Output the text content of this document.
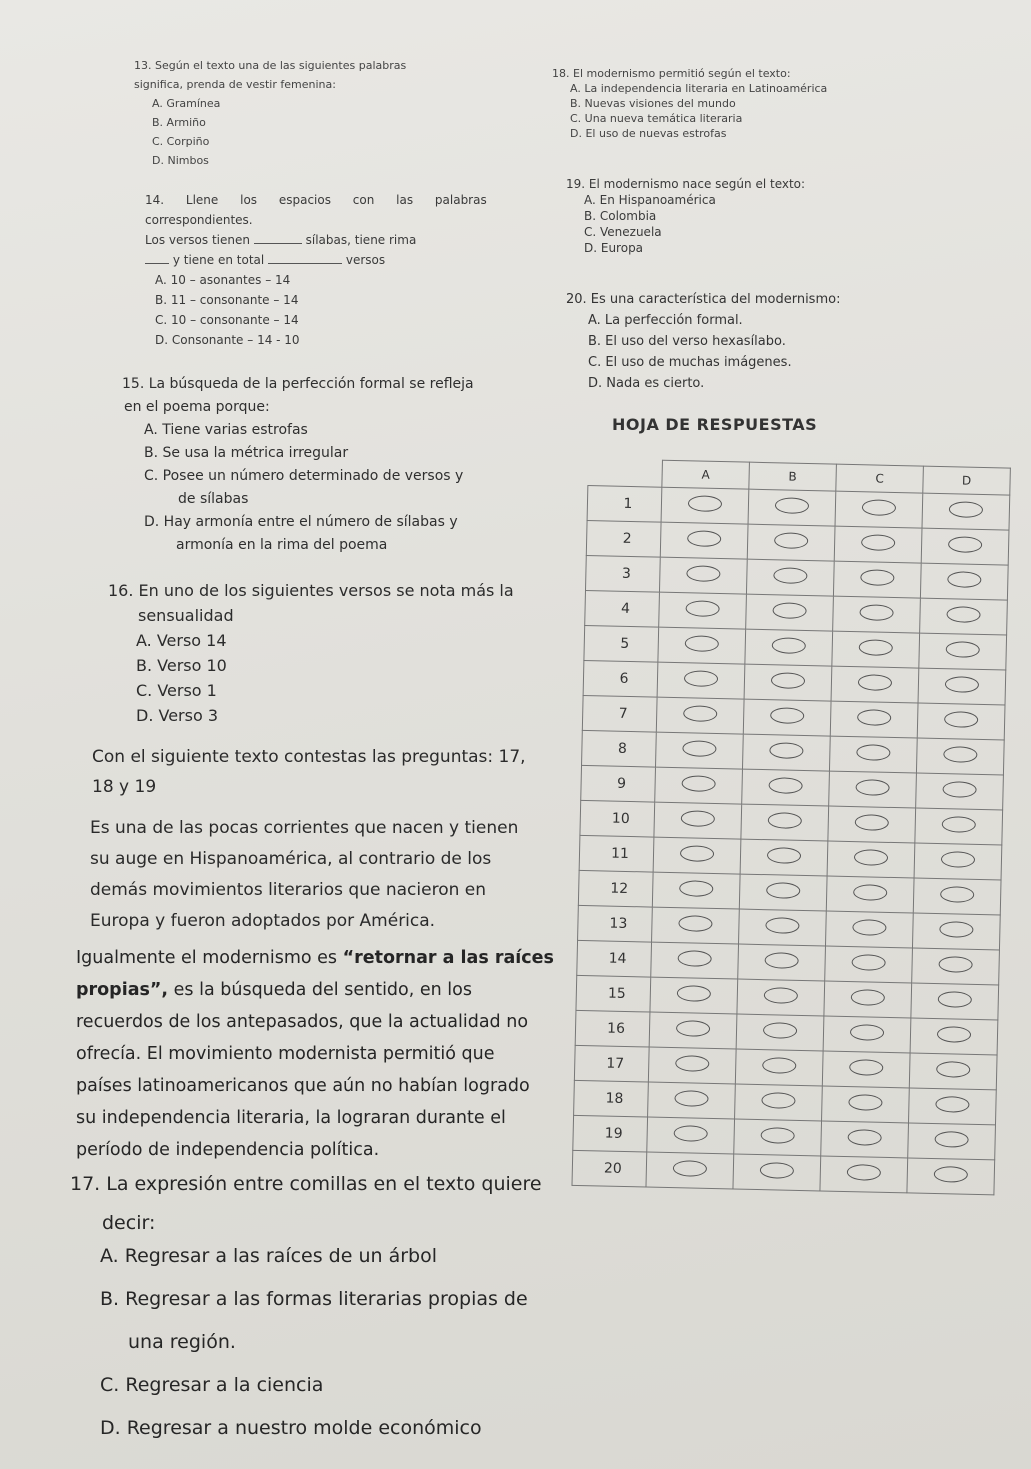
13. Según el texto una de las siguientes palabras
significa, prenda de vestir femenina:
A. Gramínea
B. Armiño
C. Corpiño
D. Nimbos
18. El modernismo permitió según el texto:
A. La independencia literaria en Latinoamérica
B. Nuevas visiones del mundo
C. Una nueva temática literaria
D. El uso de nuevas estrofas
19. El modernismo nace según el texto:
A. En Hispanoamérica
B. Colombia
C. Venezuela
D. Europa
14. Llene los espacios con las palabras
correspondientes.
Los versos tienen	sílabas, tiene rima
y tiene en total	versos
A. 10 – asonantes – 14
B. 11 – consonante – 14
C. 10 – consonante – 14
D. Consonante – 14 - 10
20. Es una característica del modernismo:
A. La perfección formal.
B. El uso del verso hexasílabo.
C. El uso de muchas imágenes.
D. Nada es cierto.
15. La búsqueda de la perfección formal se refleja
en el poema porque:
A. Tiene varias estrofas
B. Se usa la métrica irregular
C. Posee un número determinado de versos y
de sílabas
D. Hay armonía entre el número de sílabas y
armonía en la rima del poema
HOJA DE RESPUESTAS
16. En uno de los siguientes versos se nota más la
sensualidad
A. Verso 14
B. Verso 10
C. Verso 1
D. Verso 3
Con el siguiente texto contestas las preguntas: 17,
18 y 19
Es una de las pocas corrientes que nacen y tienen
su auge en Hispanoamérica, al contrario de los
demás movimientos literarios que nacieron en
Europa y fueron adoptados por América.
Igualmente el modernismo es “retornar a las raíces
propias”, es la búsqueda del sentido, en los
recuerdos de los antepasados, que la actualidad no
ofrecía. El movimiento modernista permitió que
países latinoamericanos que aún no habían logrado
su independencia literaria, la lograran durante el
período de independencia política.
17. La expresión entre comillas en el texto quiere
decir:
A. Regresar a las raíces de un árbol
B. Regresar a las formas literarias propias de
una región.
C. Regresar a la ciencia
D. Regresar a nuestro molde económico
	A	B	C	D
1				
2				
3				
4				
5				
6				
7				
8				
9				
10				
11				
12				
13				
14				
15				
16				
17				
18				
19				
20				
